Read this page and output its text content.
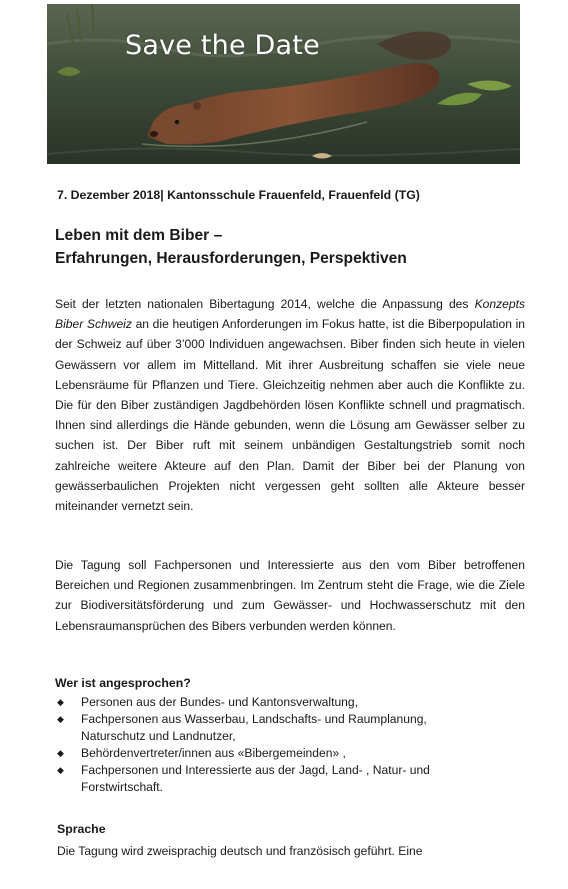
Save the Date
7. Dezember 2018| Kantonsschule Frauenfeld, Frauenfeld (TG)
Leben mit dem Biber –
Erfahrungen, Herausforderungen, Perspektiven
Seit der letzten nationalen Bibertagung 2014, welche die Anpassung des Konzepts Biber Schweiz an die heutigen Anforderungen im Fokus hatte, ist die Biberpopulation in der Schweiz auf über 3’000 Individuen angewachsen. Biber finden sich heute in vielen Gewässern vor allem im Mittelland. Mit ihrer Ausbreitung schaffen sie viele neue Lebensräume für Pflanzen und Tiere. Gleichzeitig nehmen aber auch die Konflikte zu. Die für den Biber zuständigen Jagdbehörden lösen Konflikte schnell und pragmatisch. Ihnen sind allerdings die Hände gebunden, wenn die Lösung am Gewässer selber zu suchen ist. Der Biber ruft mit seinem unbändigen Gestaltungstrieb somit noch zahlreiche weitere Akteure auf den Plan. Damit der Biber bei der Planung von gewässerbaulichen Projekten nicht vergessen geht sollten alle Akteure besser miteinander vernetzt sein.
Die Tagung soll Fachpersonen und Interessierte aus den vom Biber betroffenen Bereichen und Regionen zusammenbringen. Im Zentrum steht die Frage, wie die Ziele zur Biodiversitätsförderung und zum Gewässer- und Hochwasserschutz mit den Lebensraumansprüchen des Bibers verbunden werden können.
Wer ist angesprochen?
◆ Personen aus der Bundes- und Kantonsverwaltung,
◆ Fachpersonen aus Wasserbau, Landschafts- und Raumplanung,
Naturschutz und Landnutzer,
◆ Behördenvertreter/innen aus «Bibergemeinden» ,
◆ Fachpersonen und Interessierte aus der Jagd, Land- , Natur- und
Forstwirtschaft.
Sprache
Die Tagung wird zweisprachig deutsch und französisch geführt. Eine
